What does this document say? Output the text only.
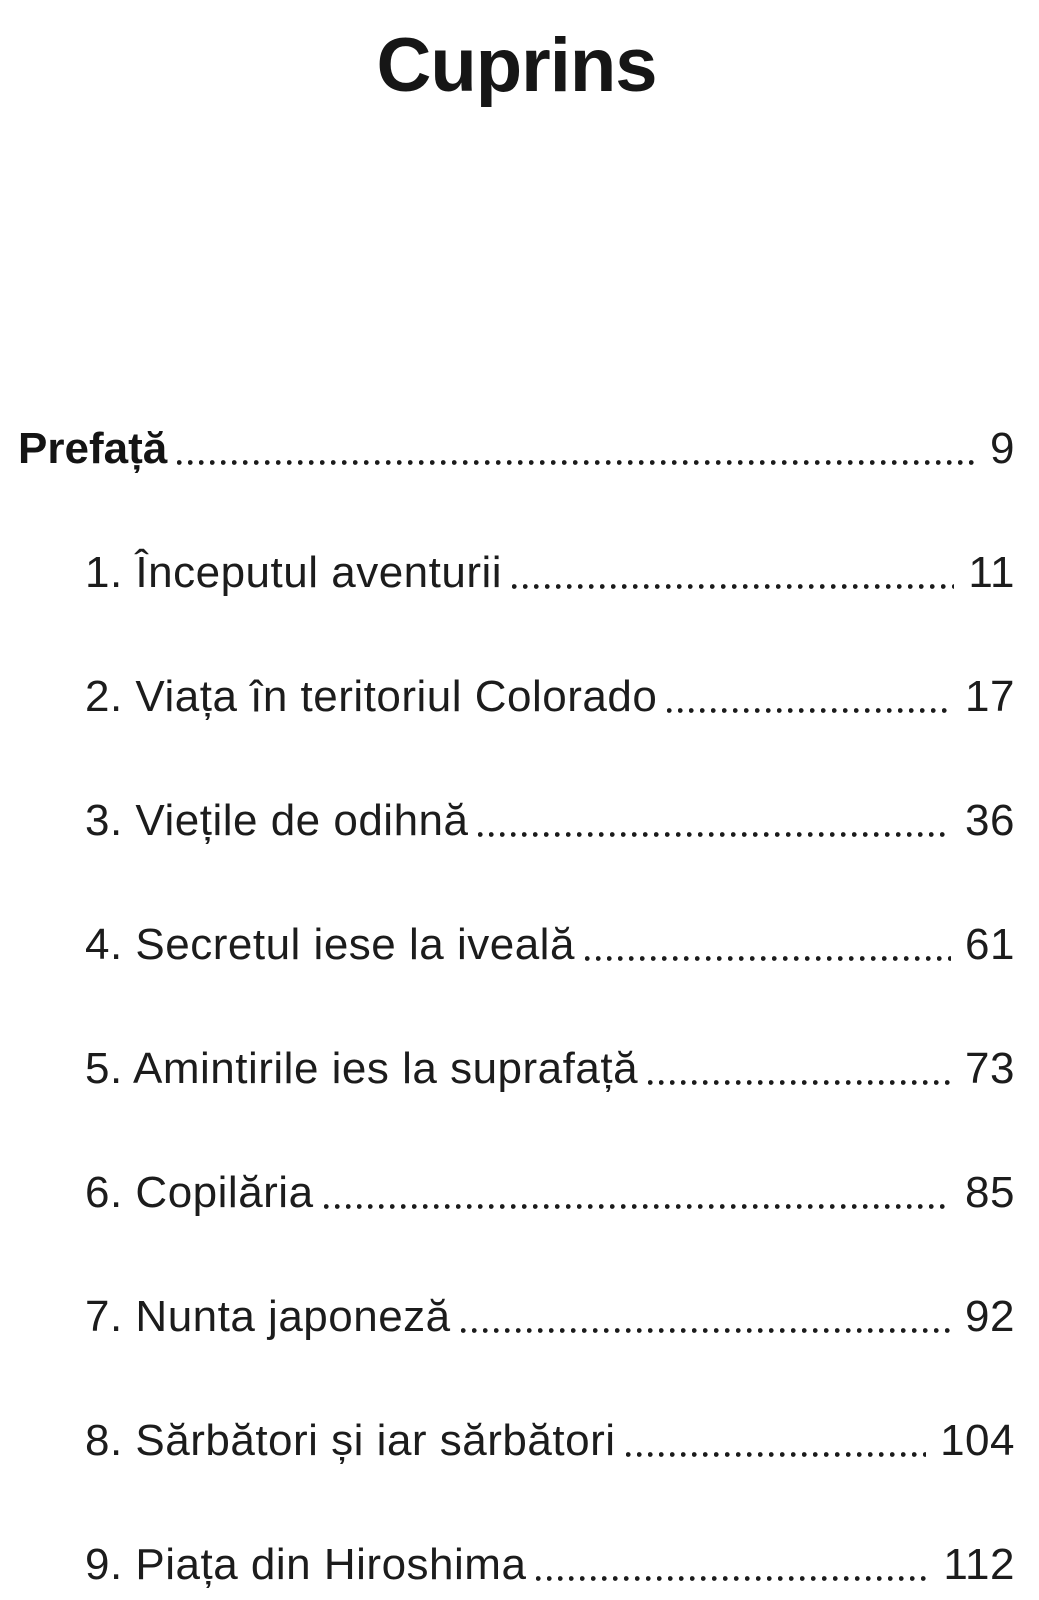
Cuprins
Prefață	9
1. Începutul aventurii	11
2. Viața în teritoriul Colorado	17
3. Viețile de odihnă	36
4. Secretul iese la iveală	61
5. Amintirile ies la suprafață	73
6. Copilăria	85
7. Nunta japoneză	92
8. Sărbători și iar sărbători	104
9. Piața din Hiroshima	112
